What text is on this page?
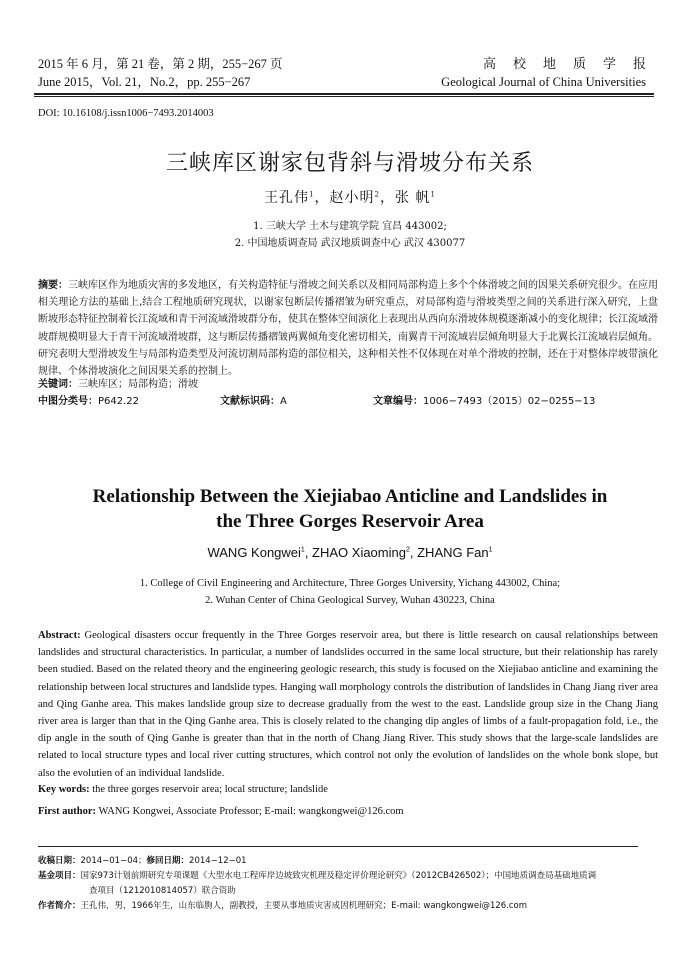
2015 年 6 月，第 21 卷，第 2 期，255−267 页
June 2015，Vol. 21，No.2，pp. 255−267
高校地质学报
Geological Journal of China Universities
DOI: 10.16108/j.issn1006−7493.2014003
三峡库区谢家包背斜与滑坡分布关系
王孔伟$^1$，赵小明$^2$，张 帆$^1$
1. 三峡大学 土木与建筑学院 宜昌 443002;
2. 中国地质调查局 武汉地质调查中心 武汉 430077
摘要：三峡库区作为地质灾害的多发地区，有关构造特征与滑坡之间关系以及相同局部构造上多个个体滑坡之间的因果关系研究很少。在应用相关理论方法的基础上,结合工程地质研究现状，以谢家包断层传播褶皱为研究重点，对局部构造与滑坡类型之间的关系进行深入研究，上盘断坡形态特征控制着长江流域和青干河流域滑坡群分布，使其在整体空间演化上表现出从西向东滑坡体规模逐渐减小的变化规律；长江流域滑坡群规模明显大于青干河流域滑坡群，这与断层传播褶皱两翼倾角变化密切相关，南翼青干河流域岩层倾角明显大于北翼长江流域岩层倾角。研究表明大型滑坡发生与局部构造类型及河流切割局部构造的部位相关，这种相关性不仅体现在对单个滑坡的控制，还在于对整体岸坡带演化规律、个体滑坡演化之间因果关系的控制上。
关键词：三峡库区；局部构造；滑坡
中图分类号：P642.22	文献标识码：A	文章编号：1006−7493（2015）02−0255−13
Relationship Between the Xiejiabao Anticline and Landslides in
the Three Gorges Reservoir Area
WANG Kongwei$^1$, ZHAO Xiaoming$^2$, ZHANG Fan$^1$
1. College of Civil Engineering and Architecture, Three Gorges University, Yichang 443002, China;
2. Wuhan Center of China Geological Survey, Wuhan 430223, China
Abstract: Geological disasters occur frequently in the Three Gorges reservoir area, but there is little research on causal relationships between landslides and structural characteristics. In particular, a number of landslides occurred in the same local structure, but their relationship has rarely been studied. Based on the related theory and the engineering geologic research, this study is focused on the Xiejiabao anticline and examining the relationship between local structures and landslide types. Hanging wall morphology controls the distribution of landslides in Chang Jiang river area and Qing Ganhe area. This makes landslide group size to decrease gradually from the west to the east. Landslide group size in the Chang Jiang river area is larger than that in the Qing Ganhe area. This is closely related to the changing dip angles of limbs of a fault-propagation fold, i.e., the dip angle in the south of Qing Ganhe is greater than that in the north of Chang Jiang River. This study shows that the large-scale landslides are related to local structure types and local river cutting structures, which control not only the evolution of landslides on the whole bonk slope, but also the evolutien of an individual landslide.
Key words: the three gorges reservoir area; local structure; landslide
First author: WANG Kongwei, Associate Professor; E-mail: wangkongwei@126.com
收稿日期： 2014−01−04； 修回日期： 2014−12−01
基金项目： 国家973计划前期研究专项课题《大型水电工程库岸边坡致灾机理及稳定评价理论研究》（2012CB426502）；中国地质调查局基础地质调
查项目（1212010814057）联合资助
作者简介： 王孔伟，男，1966年生，山东临朐人，副教授，主要从事地质灾害成因机理研究；E-mail: wangkongwei@126.com
